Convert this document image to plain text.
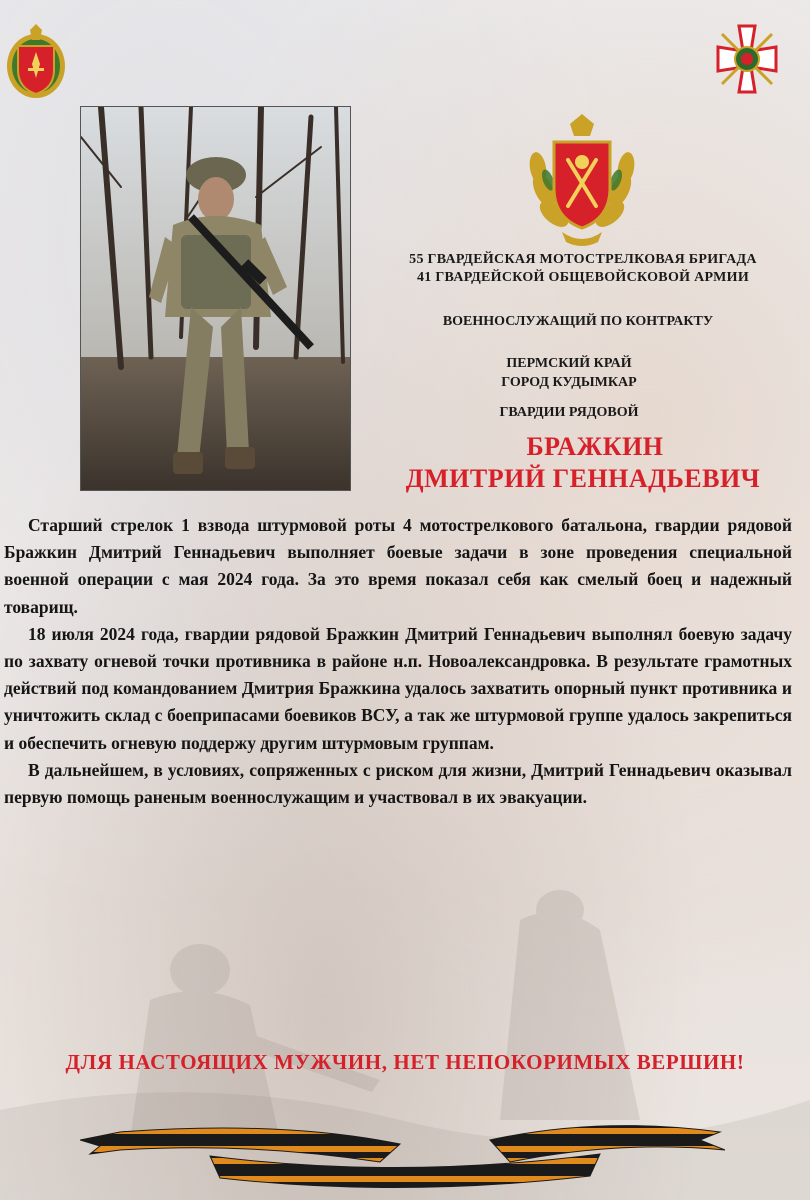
55 ГВАРДЕЙСКАЯ МОТОСТРЕЛКОВАЯ БРИГАДА
41 ГВАРДЕЙСКОЙ ОБЩЕВОЙСКОВОЙ АРМИИ
ВОЕННОСЛУЖАЩИЙ ПО КОНТРАКТУ
ПЕРМСКИЙ КРАЙ
ГОРОД КУДЫМКАР
ГВАРДИИ РЯДОВОЙ
БРАЖКИН
ДМИТРИЙ ГЕННАДЬЕВИЧ

Старший стрелок 1 взвода штурмовой роты 4 мотострелкового батальона, гвардии рядовой Бражкин Дмитрий Геннадьевич выполняет боевые задачи в зоне проведения специальной военной операции с мая 2024 года. За это время показал себя как смелый боец и надежный товарищ.

18 июля 2024 года, гвардии рядовой Бражкин Дмитрий Геннадьевич выполнял боевую задачу по захвату огневой точки противника в районе н.п. Новоалександровка. В результате грамотных действий под командованием Дмитрия Бражкина удалось захватить опорный пункт противника и уничтожить склад с боеприпасами боевиков ВСУ, а так же штурмовой группе удалось закрепиться и обеспечить огневую поддержу другим штурмовым группам.

В дальнейшем, в условиях, сопряженных с риском для жизни, Дмитрий Геннадьевич оказывал первую помощь раненым военнослужащим и участвовал в их эвакуации.

ДЛЯ НАСТОЯЩИХ МУЖЧИН, НЕТ НЕПОКОРИМЫХ ВЕРШИН!
